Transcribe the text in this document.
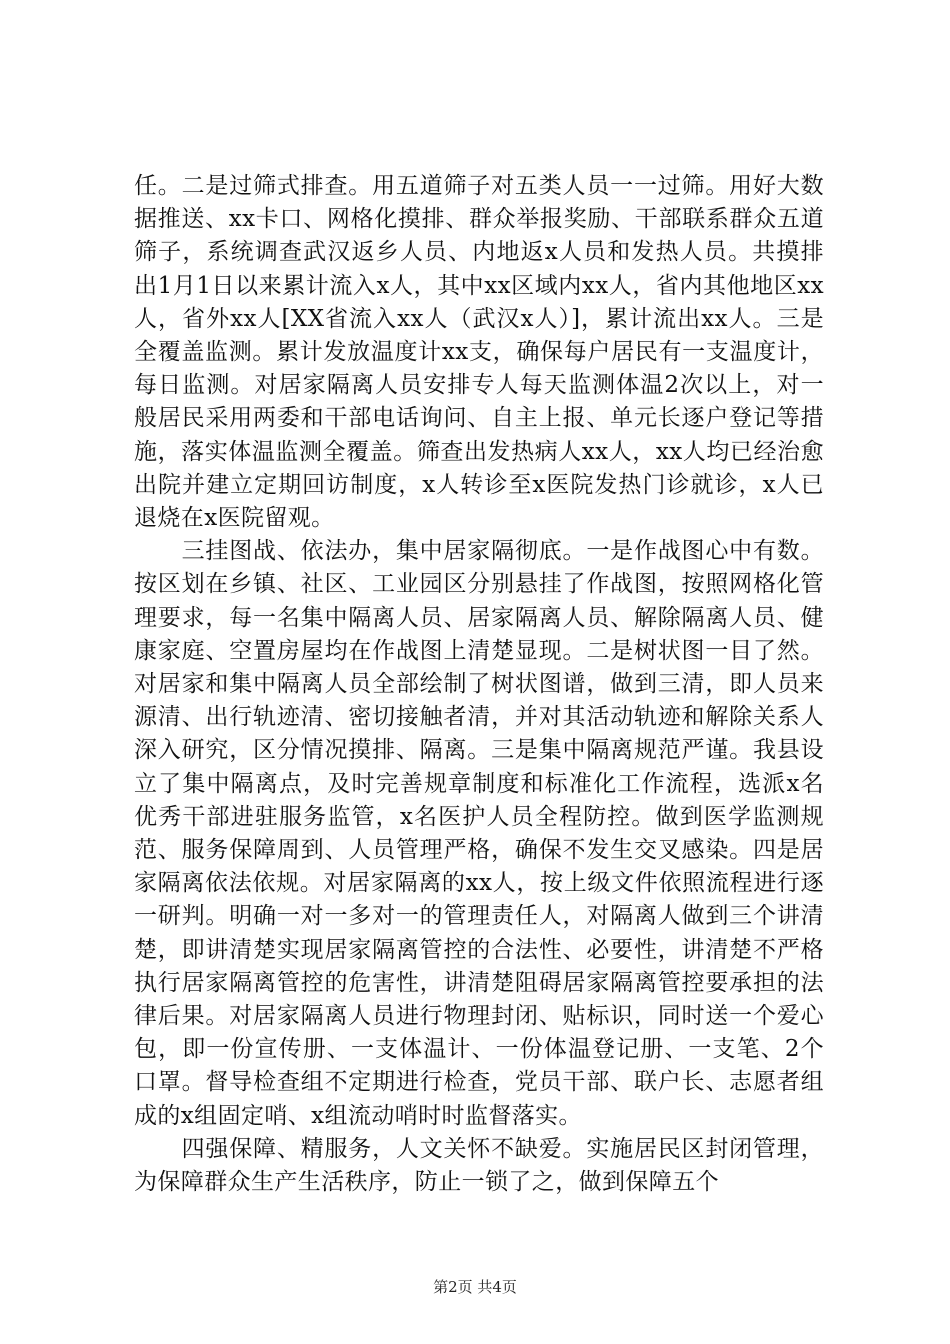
任。二是过筛式排查。用五道筛子对五类人员一一过筛。用好大数据推送、xx卡口、网格化摸排、群众举报奖励、干部联系群众五道筛子，系统调查武汉返乡人员、内地返x人员和发热人员。共摸排出1月1日以来累计流入x人，其中xx区域内xx人，省内其他地区xx人，省外xx人[XX省流入xx人（武汉x人）]，累计流出xx人。三是全覆盖监测。累计发放温度计xx支，确保每户居民有一支温度计，每日监测。对居家隔离人员安排专人每天监测体温2次以上，对一般居民采用两委和干部电话询问、自主上报、单元长逐户登记等措施，落实体温监测全覆盖。筛查出发热病人xx人，xx人均已经治愈出院并建立定期回访制度，x人转诊至x医院发热门诊就诊，x人已退烧在x医院留观。

　　三挂图战、依法办，集中居家隔彻底。一是作战图心中有数。按区划在乡镇、社区、工业园区分别悬挂了作战图，按照网格化管理要求，每一名集中隔离人员、居家隔离人员、解除隔离人员、健康家庭、空置房屋均在作战图上清楚显现。二是树状图一目了然。对居家和集中隔离人员全部绘制了树状图谱，做到三清，即人员来源清、出行轨迹清、密切接触者清，并对其活动轨迹和解除关系人深入研究，区分情况摸排、隔离。三是集中隔离规范严谨。我县设立了集中隔离点，及时完善规章制度和标准化工作流程，选派x名优秀干部进驻服务监管，x名医护人员全程防控。做到医学监测规范、服务保障周到、人员管理严格，确保不发生交叉感染。四是居家隔离依法依规。对居家隔离的xx人，按上级文件依照流程进行逐一研判。明确一对一多对一的管理责任人，对隔离人做到三个讲清楚，即讲清楚实现居家隔离管控的合法性、必要性，讲清楚不严格执行居家隔离管控的危害性，讲清楚阻碍居家隔离管控要承担的法律后果。对居家隔离人员进行物理封闭、贴标识，同时送一个爱心包，即一份宣传册、一支体温计、一份体温登记册、一支笔、2个口罩。督导检查组不定期进行检查，党员干部、联户长、志愿者组成的x组固定哨、x组流动哨时时监督落实。

　　四强保障、精服务，人文关怀不缺爱。实施居民区封闭管理，为保障群众生产生活秩序，防止一锁了之，做到保障五个

第2页 共4页
